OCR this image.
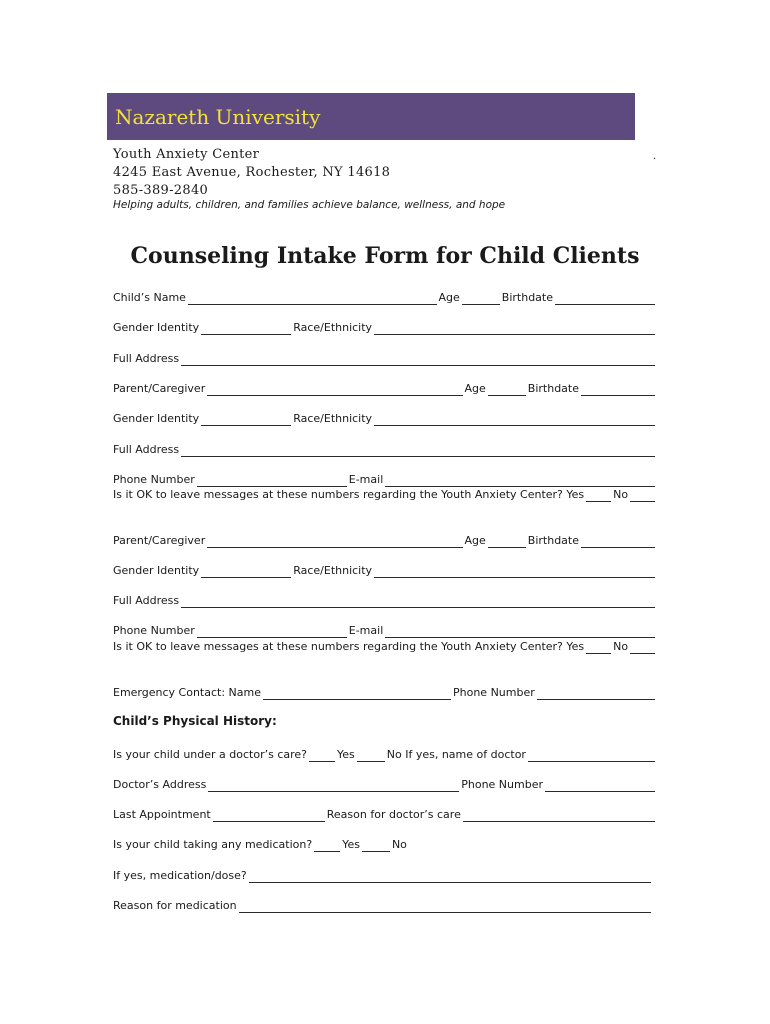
Nazareth University
Youth Anxiety Center
4245 East Avenue, Rochester, NY 14618
585-389-2840
Helping adults, children, and families achieve balance, wellness, and hope
.
Counseling Intake Form for Child Clients
Child’s Name	Age	Birthdate
Gender Identity	Race/Ethnicity
Full Address
Parent/Caregiver	Age	Birthdate
Gender Identity	Race/Ethnicity
Full Address
Phone Number	E-mail
Is it OK to leave messages at these numbers regarding the Youth Anxiety Center? Yes	No
Parent/Caregiver	Age	Birthdate
Gender Identity	Race/Ethnicity
Full Address
Phone Number	E-mail
Is it OK to leave messages at these numbers regarding the Youth Anxiety Center? Yes	No
Emergency Contact: Name	Phone Number
Child’s Physical History:
Is your child under a doctor’s care?	Yes	No If yes, name of doctor
Doctor’s Address	Phone Number
Last Appointment	Reason for doctor’s care
Is your child taking any medication?	Yes	No
If yes, medication/dose?
Reason for medication
